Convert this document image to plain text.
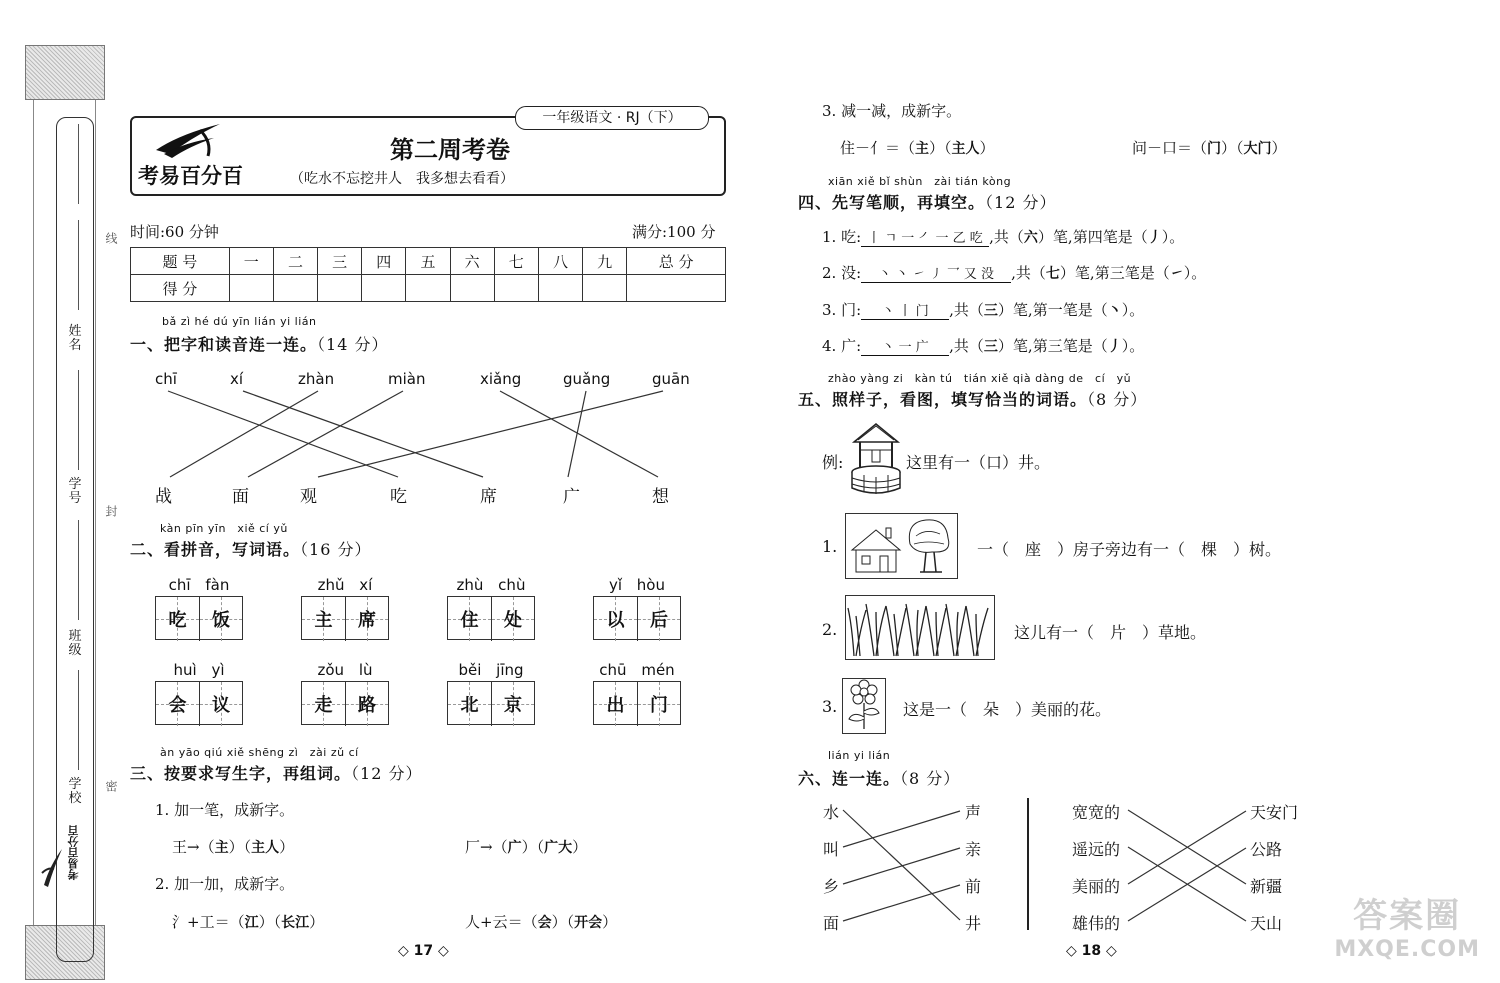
姓名
学号
班级
学校
考易百分百
线
封
密
一年级语文 · RJ（下）
第二周考卷
考易百分百	（吃水不忘挖井人　我多想去看看）
时间:60 分钟	满分:100 分
题 号	一	二	三	四	五	六	七	八	九	总 分
得 分										
bǎ zì hé dú yīn lián yi lián
一、把字和读音连一连。（14 分）
chī	xí	zhàn	miàn	xiǎng	guǎng	guān
战	面	观	吃	席	广	想
kàn pīn yīn　xiě cí yǔ
二、看拼音，写词语。（16 分）
chī fàn
吃 饭
zhǔ xí
主 席
zhù chù
住 处
yǐ hòu
以 后
huì yì
会 议
zǒu lù
走 路
běi jīng
北 京
chū mén
出 门
àn yāo qiú xiě shēng zì　zài zǔ cí
三、按要求写生字，再组词。（12 分）
1. 加一笔，成新字。
王→（主）（主人）	厂→（广）（广大）
2. 加一加，成新字。
氵+工＝（江）（长江）	人+云＝（会）（开会）
◇ 17 ◇
3. 减一减，成新字。
住－亻＝（主）（主人）	问－口＝（门）（大门）
xiān xiě bǐ shùn　zài tián kòng
四、先写笔顺，再填空。（12 分）
1. 吃: 丨 ㄱ 一 ㇒ 一 乙 吃 ,共（六）笔,第四笔是（丿）。
2. 没: 丶 丶 ㇀ ㇓ 乛 又 没 ,共（七）笔,第三笔是（㇀）。
3. 门: 丶 丨 门 ,共（三）笔,第一笔是（丶）。
4. 广: 丶 一 广 ,共（三）笔,第三笔是（丿）。
zhào yàng zi　kàn tú　tián xiě qià dàng de　cí　yǔ
五、照样子，看图，填写恰当的词语。（8 分）
例:	这里有一（口）井。
1.	一（　座　）房子旁边有一（　棵　）树。
2.	这儿有一（　片　）草地。
3.	这是一（　朵　）美丽的花。
lián yi lián
六、连一连。（8 分）
水
叫
乡
面
声
亲
前
井
宽宽的
遥远的
美丽的
雄伟的
天安门
公路
新疆
天山
◇ 18 ◇
答案圈
MXQE.COM
